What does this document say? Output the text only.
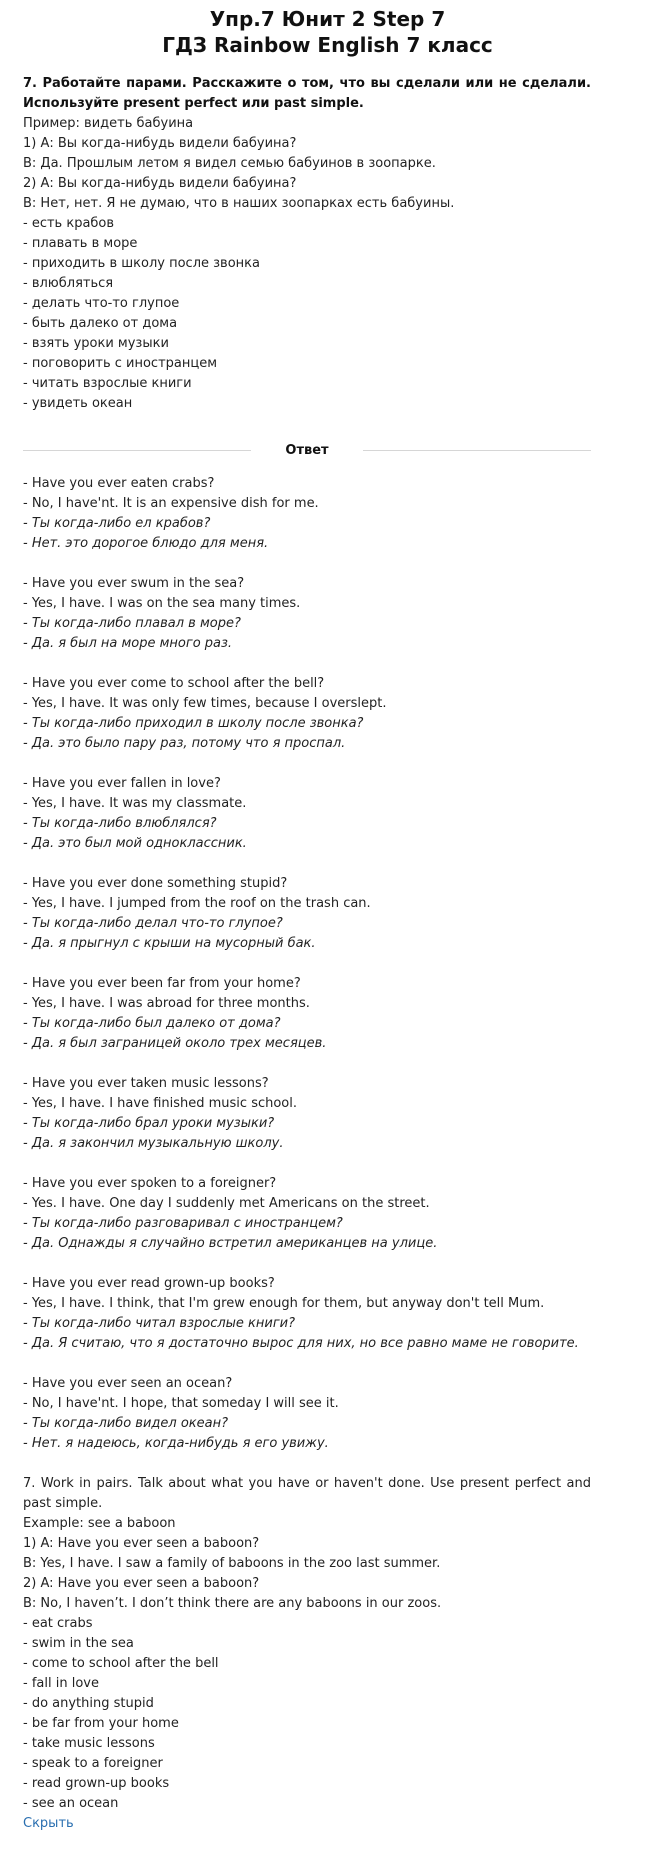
Упр.7 Юнит 2 Step 7
ГДЗ Rainbow English 7 класс

7. Работайте парами. Расскажите о том, что вы сделали или не сделали. Используйте present perfect или past simple.

Пример: видеть бабуина

1) А: Вы когда-нибудь видели бабуина?

В: Да. Прошлым летом я видел семью бабуинов в зоопарке.

2) А: Вы когда-нибудь видели бабуина?

В: Нет, нет. Я не думаю, что в наших зоопарках есть бабуины.

- есть крабов

- плавать в море

- приходить в школу после звонка

- влюбляться

- делать что-то глупое

- быть далеко от дома

- взять уроки музыки

- поговорить с иностранцем

- читать взрослые книги

- увидеть океан

Ответ

- Have you ever eaten crabs?

- No, I have'nt. It is an expensive dish for me.

- Ты когда-либо ел крабов?

- Нет. это дорогое блюдо для меня.

- Have you ever swum in the sea?

- Yes, I have. I was on the sea many times.

- Ты когда-либо плавал в море?

- Да. я был на море много раз.

- Have you ever come to school after the bell?

- Yes, I have. It was only few times, because I overslept.

- Ты когда-либо приходил в школу после звонка?

- Да. это было пару раз, потому что я проспал.

- Have you ever fallen in love?

- Yes, I have. It was my classmate.

- Ты когда-либо влюблялся?

- Да. это был мой одноклассник.

- Have you ever done something stupid?

- Yes, I have. I jumped from the roof on the trash can.

- Ты когда-либо делал что-то глупое?

- Да. я прыгнул с крыши на мусорный бак.

- Have you ever been far from your home?

- Yes, I have. I was abroad for three months.

- Ты когда-либо был далеко от дома?

- Да. я был заграницей около трех месяцев.

- Have you ever taken music lessons?

- Yes, I have. I have finished music school.

- Ты когда-либо брал уроки музыки?

- Да. я закончил музыкальную школу.

- Have you ever spoken to a foreigner?

- Yes. I have. One day I suddenly met Americans on the street.

- Ты когда-либо разговаривал с иностранцем?

- Да. Однажды я случайно встретил американцев на улице.

- Have you ever read grown-up books?

- Yes, I have. I think, that I'm grew enough for them, but anyway don't tell Mum.

- Ты когда-либо читал взрослые книги?

- Да. Я считаю, что я достаточно вырос для них, но все равно маме не говорите.

- Have you ever seen an ocean?

- No, I have'nt. I hope, that someday I will see it.

- Ты когда-либо видел океан?

- Нет. я надеюсь, когда-нибудь я его увижу.

7. Work in pairs. Talk about what you have or haven't done. Use present perfect and past simple.

Example: see a baboon

1) A: Have you ever seen a baboon?

B: Yes, I have. I saw a family of baboons in the zoo last summer.

2) A: Have you ever seen a baboon?

B: No, I haven’t. I don’t think there are any baboons in our zoos.

- eat crabs

- swim in the sea

- come to school after the bell

- fall in love

- do anything stupid

- be far from your home

- take music lessons

- speak to a foreigner

- read grown-up books

- see an ocean

Скрыть
